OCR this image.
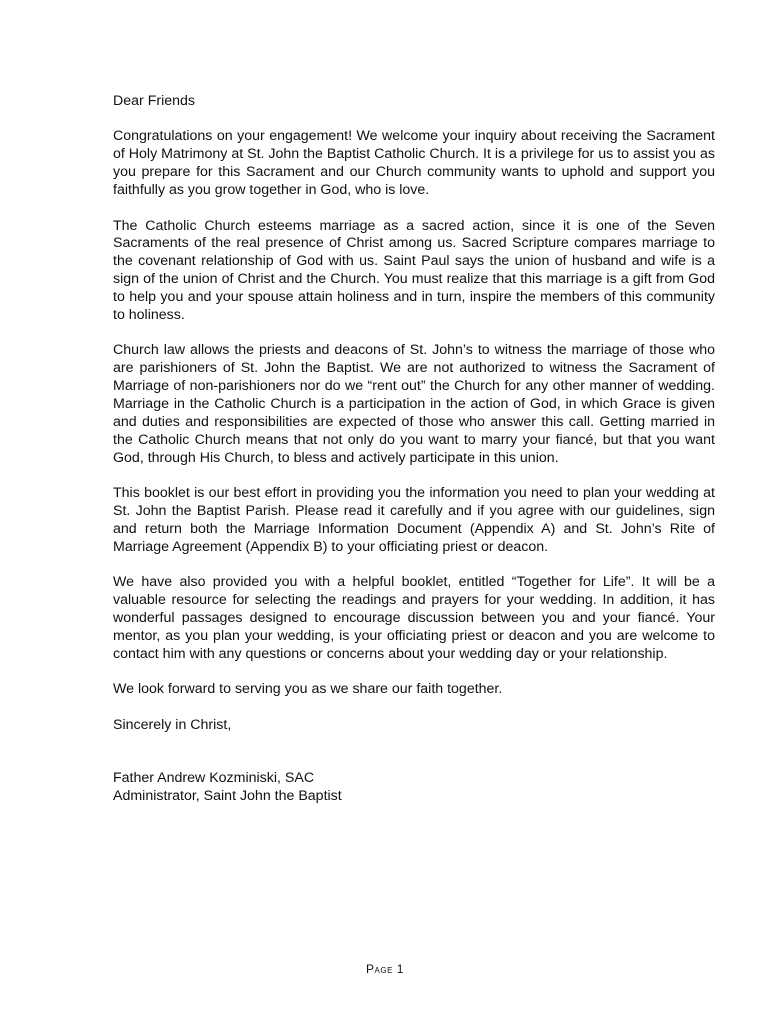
Dear Friends

Congratulations on your engagement! We welcome your inquiry about receiving the Sacrament of Holy Matrimony at St. John the Baptist Catholic Church. It is a privilege for us to assist you as you prepare for this Sacrament and our Church community wants to uphold and support you faithfully as you grow together in God, who is love.

The Catholic Church esteems marriage as a sacred action, since it is one of the Seven Sacraments of the real presence of Christ among us. Sacred Scripture compares marriage to the covenant relationship of God with us. Saint Paul says the union of husband and wife is a sign of the union of Christ and the Church. You must realize that this marriage is a gift from God to help you and your spouse attain holiness and in turn, inspire the members of this community to holiness.

Church law allows the priests and deacons of St. John’s to witness the marriage of those who are parishioners of St. John the Baptist. We are not authorized to witness the Sacrament of Marriage of non-parishioners nor do we “rent out” the Church for any other manner of wedding. Marriage in the Catholic Church is a participation in the action of God, in which Grace is given and duties and responsibilities are expected of those who answer this call. Getting married in the Catholic Church means that not only do you want to marry your fiancé, but that you want God, through His Church, to bless and actively participate in this union.

This booklet is our best effort in providing you the information you need to plan your wedding at St. John the Baptist Parish. Please read it carefully and if you agree with our guidelines, sign and return both the Marriage Information Document (Appendix A) and St. John’s Rite of Marriage Agreement (Appendix B) to your officiating priest or deacon.

We have also provided you with a helpful booklet, entitled “Together for Life”. It will be a valuable resource for selecting the readings and prayers for your wedding. In addition, it has wonderful passages designed to encourage discussion between you and your fiancé. Your mentor, as you plan your wedding, is your officiating priest or deacon and you are welcome to contact him with any questions or concerns about your wedding day or your relationship.

We look forward to serving you as we share our faith together.

Sincerely in Christ,

Father Andrew Kozminiski, SAC
Administrator, Saint John the Baptist
Page 1
